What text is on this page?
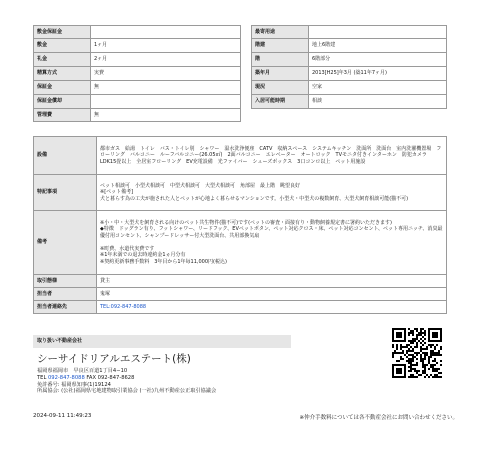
敷金保証金	
敷金	1ヶ月
礼金	2ヶ月
精算方式	実費
保証金	無
保証金償却	
管理費	無
最寄用途	
階建	地上6階建
階	6階部分
築年月	2013[H25]年3月 (築11年7ヶ月)
現況	空家
入居可能時期	相談
設備	都市ガス　給湯　トイレ　バス・トイレ別　シャワー　温水洗浄便座　CATV　収納スペース　システムキッチン　洗面所　洗面台　室内洗濯機置場　フローリング　バルコニー　ルーフバルコニー(26.05㎡)　2面バルコニー　エレベーター　オートロック　TVモニタ付きインターホン　防犯カメラ　LDK15畳以上　全居室フローリング　EV充電設備　光ファイバー　シューズボックス　3口コンロ以上　ペット用施設
特記事項	ペット相談可　小型犬相談可　中型犬相談可　大型犬相談可　角部屋　最上階　眺望良好
※[ペット備考]
犬と暮らす為の工夫が施された人とペットが心地よく暮らせるマンションです。小型犬・中型犬の複数飼育、大型犬飼育相談可能(猫不可)
備考	※小・中・大型犬を飼育される向けのペット共生物件(猫不可)です(ペットの審査・面接有り・動物飼養規定書に署約いただきます)
◆特徴　ドッグラン有り、フットシャワー、リードフック、EVペットボタン、ペット対応クロス・床、ペット対応コンセント、ペット専用ニッチ、消臭最優付用コンセント、シャンプードレッサー付大型洗面台、共用部換気扇

※町費、水道代実費です
※1年未満での退去時違約金1ヵ月分有
※契約更新事務手数料　3年目から1年毎11,000円(税込)
取引態様	貸主
担当者	鬼塚
担当者連絡先	TEL:092-847-8088
取り扱い不動産会社
シーサイドリアルエステート(株)
福岡県福岡市　早良区百道1丁目4−10
TEL 092-847-8088 FAX 092-847-8628
免許番号: 福岡県知事(1)19124
所属協会: (公社)福岡県宅地建物取引業協会 (一社)九州不動産公正取引協議会
2024-09-11 11:49:23	※仲介手数料については各不動産会社にお問い合わせください。
